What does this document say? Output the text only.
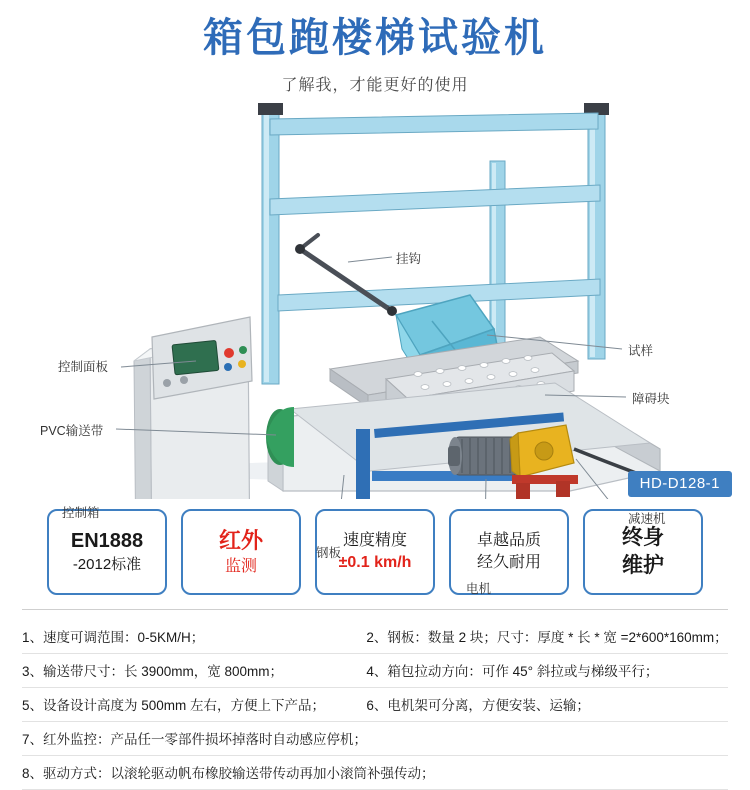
箱包跑楼梯试验机
了解我，才能更好的使用
挂钩
试样
控制面板
障碍块
PVC输送带
控制箱
钢板
电机
减速机
HD-D128-1
EN1888
-2012标准
红外
监测
速度精度
±0.1 km/h
卓越品质
经久耐用
终身
维护
1、速度可调范围：0-5KM/H；	2、钢板：数量 2 块；尺寸：厚度 * 长 * 宽 =2*600*160mm；
3、输送带尺寸：长 3900mm，宽 800mm；	4、箱包拉动方向：可作 45° 斜拉或与梯级平行；
5、设备设计高度为 500mm 左右，方便上下产品；	6、电机架可分离，方便安装、运输；
7、红外监控：产品任一零部件损坏掉落时自动感应停机；
8、驱动方式：以滚轮驱动帆布橡胶输送带传动再加小滚筒补强传动；
